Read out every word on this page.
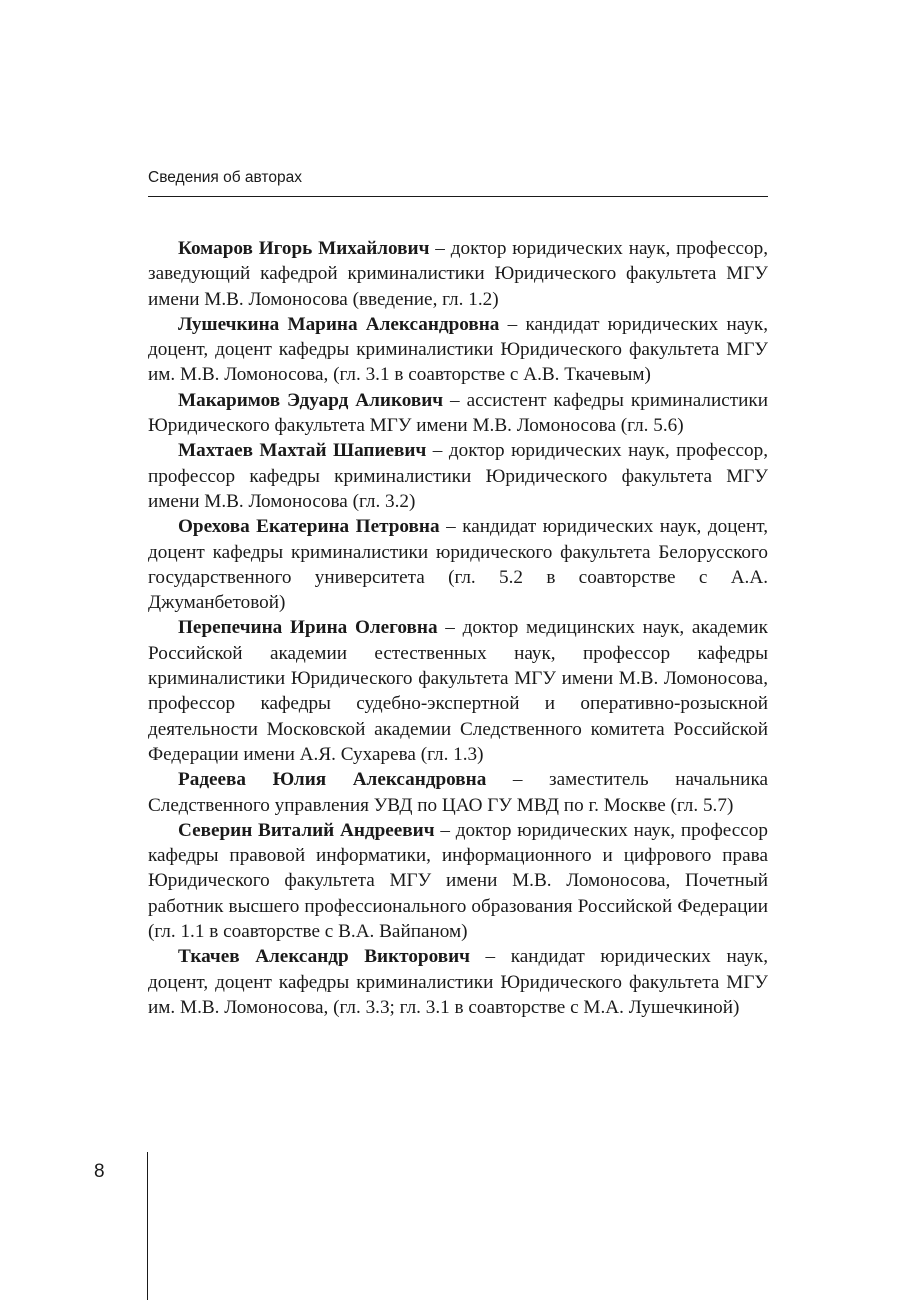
Сведения об авторах

Комаров Игорь Михайлович – доктор юридических наук, профессор, заведующий кафедрой криминалистики Юридического факультета МГУ имени М.В. Ломоносова (введение, гл. 1.2)

Лушечкина Марина Александровна – кандидат юридических наук, доцент, доцент кафедры криминалистики Юридического факультета МГУ им. М.В. Ломоносова, (гл. 3.1 в соавторстве с А.В. Ткачевым)

Макаримов Эдуард Аликович – ассистент кафедры криминалистики Юридического факультета МГУ имени М.В. Ломоносова (гл. 5.6)

Махтаев Махтай Шапиевич – доктор юридических наук, профессор, профессор кафедры криминалистики Юридического факультета МГУ имени М.В. Ломоносова (гл. 3.2)

Орехова Екатерина Петровна – кандидат юридических наук, доцент, доцент кафедры криминалистики юридического факультета Белорусского государственного университета (гл. 5.2 в соавторстве с А.А. Джуманбетовой)

Перепечина Ирина Олеговна – доктор медицинских наук, академик Российской академии естественных наук, профессор кафедры криминалистики Юридического факультета МГУ имени М.В. Ломоносова, профессор кафедры судебно-экспертной и оперативно-розыскной деятельности Московской академии Следственного комитета Российской Федерации имени А.Я. Сухарева (гл. 1.3)

Радеева Юлия Александровна – заместитель начальника Следственного управления УВД по ЦАО ГУ МВД по г. Москве (гл. 5.7)

Северин Виталий Андреевич – доктор юридических наук, профессор кафедры правовой информатики, информационного и цифрового права Юридического факультета МГУ имени М.В. Ломоносова, Почетный работник высшего профессионального образования Российской Федерации (гл. 1.1 в соавторстве с В.А. Вайпаном)

Ткачев Александр Викторович – кандидат юридических наук, доцент, доцент кафедры криминалистики Юридического факультета МГУ им. М.В. Ломоносова, (гл. 3.3; гл. 3.1 в соавторстве с М.А. Лушечкиной)

8
